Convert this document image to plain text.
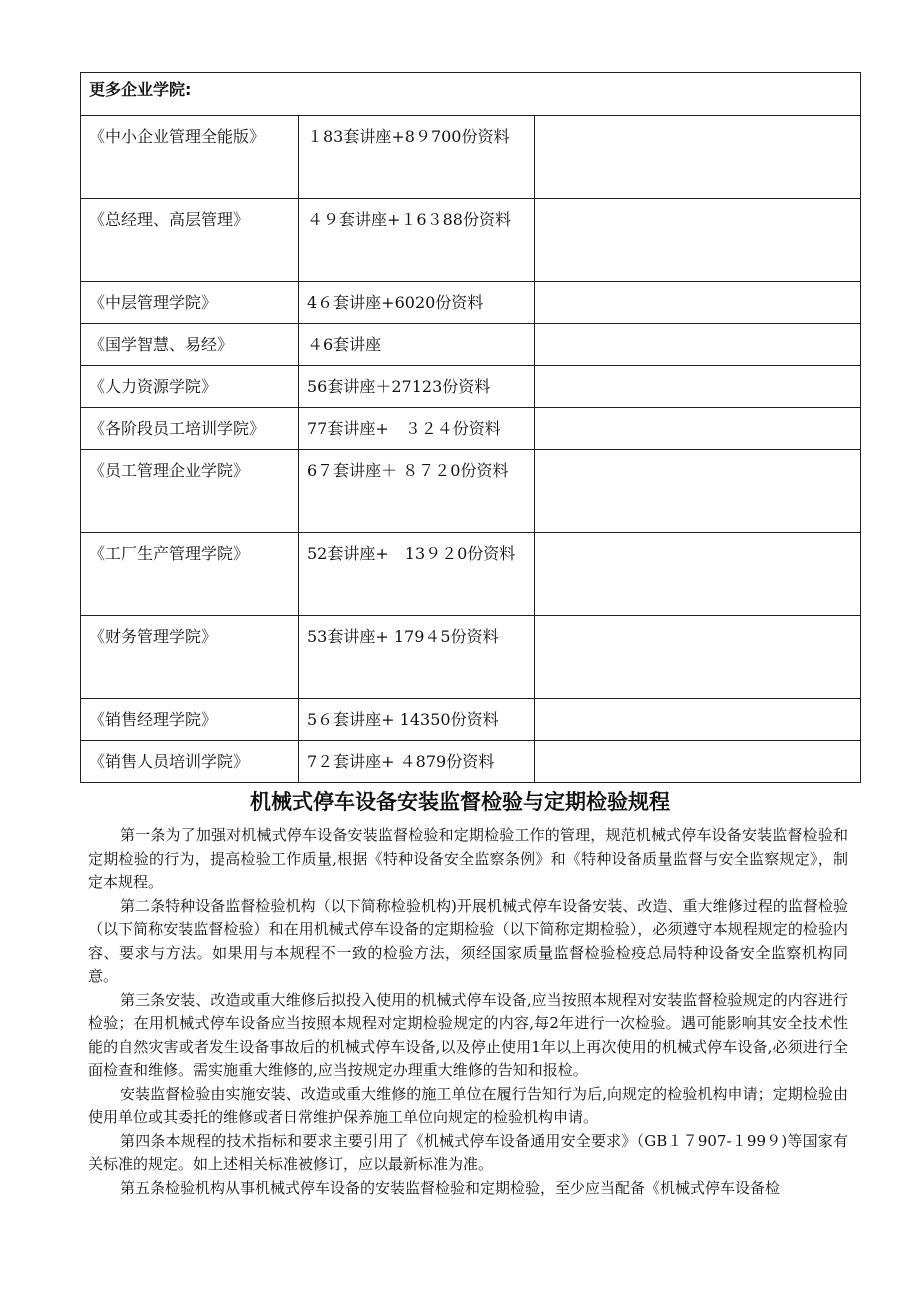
更多企业学院:		

《中小企业管理全能版》	１83套讲座+8９700份资料	

《总经理、高层管理》	４９套讲座+１6３88份资料	

《中层管理学院》	4６套讲座+6020份资料	

《国学智慧、易经》	４6套讲座	

《人力资源学院》	56套讲座＋27123份资料	

《各阶段员工培训学院》	77套讲座+　３２４份资料	

《员工管理企业学院》	6７套讲座＋ ８７２0份资料	

《工厂生产管理学院》	52套讲座+　13９２0份资料	

《财务管理学院》	53套讲座+ 179４5份资料	

《销售经理学院》	5６套讲座+ 14350份资料	

《销售人员培训学院》	7２套讲座+ ４879份资料	

机械式停车设备安装监督检验与定期检验规程

第一条为了加强对机械式停车设备安装监督检验和定期检验工作的管理，规范机械式停车设备安装监督检验和定期检验的行为，提高检验工作质量,根据《特种设备安全监察条例》和《特种设备质量监督与安全监察规定》，制定本规程。

第二条特种设备监督检验机构（以下简称检验机构)开展机械式停车设备安装、改造、重大维修过程的监督检验（以下简称安装监督检验）和在用机械式停车设备的定期检验（以下简称定期检验），必须遵守本规程规定的检验内容、要求与方法。如果用与本规程不一致的检验方法，须经国家质量监督检验检疫总局特种设备安全监察机构同意。

第三条安装、改造或重大维修后拟投入使用的机械式停车设备,应当按照本规程对安装监督检验规定的内容进行检验；在用机械式停车设备应当按照本规程对定期检验规定的内容,每2年进行一次检验。遇可能影响其安全技术性能的自然灾害或者发生设备事故后的机械式停车设备,以及停止使用1年以上再次使用的机械式停车设备,必须进行全面检查和维修。需实施重大维修的,应当按规定办理重大维修的告知和报检。

安装监督检验由实施安装、改造或重大维修的施工单位在履行告知行为后,向规定的检验机构申请；定期检验由使用单位或其委托的维修或者日常维护保养施工单位向规定的检验机构申请。

第四条本规程的技术指标和要求主要引用了《机械式停车设备通用安全要求》（GB１７907-１99９)等国家有关标准的规定。如上述相关标准被修订，应以最新标准为准。

第五条检验机构从事机械式停车设备的安装监督检验和定期检验，至少应当配备《机械式停车设备检
